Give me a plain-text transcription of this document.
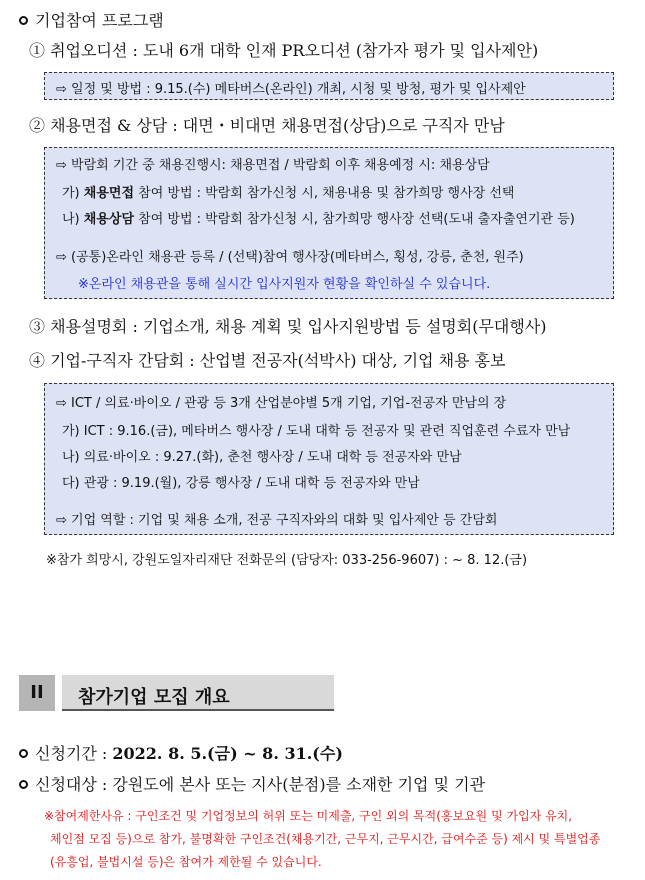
기업참여 프로그램
① 취업오디션 : 도내 6개 대학 인재 PR오디션 (참가자 평가 및 입사제안)
⇨ 일정 및 방법 : 9.15.(수) 메타버스(온라인) 개최, 시청 및 방청, 평가 및 입사제안
② 채용면접 & 상담 : 대면・비대면 채용면접(상담)으로 구직자 만남
⇨ 박람회 기간 중 채용진행시: 채용면접 / 박람회 이후 채용예정 시: 채용상담
가) 채용면접 참여 방법 : 박람회 참가신청 시, 채용내용 및 참가희망 행사장 선택
나) 채용상담 참여 방법 : 박람회 참가신청 시, 참가희망 행사장 선택(도내 출자출연기관 등)
⇨ (공통)온라인 채용관 등록 / (선택)참여 행사장(메타버스, 횡성, 강릉, 춘천, 원주)
※온라인 채용관을 통해 실시간 입사지원자 현황을 확인하실 수 있습니다.
③ 채용설명회 : 기업소개, 채용 계획 및 입사지원방법 등 설명회(무대행사)
④ 기업-구직자 간담회 : 산업별 전공자(석박사) 대상, 기업 채용 홍보
⇨ ICT / 의료·바이오 / 관광 등 3개 산업분야별 5개 기업, 기업-전공자 만남의 장
가) ICT : 9.16.(금), 메타버스 행사장 / 도내 대학 등 전공자 및 관련 직업훈련 수료자 만남
나) 의료·바이오 : 9.27.(화), 춘천 행사장 / 도내 대학 등 전공자와 만남
다) 관광 : 9.19.(월), 강릉 행사장 / 도내 대학 등 전공자와 만남
⇨ 기업 역할 : 기업 및 채용 소개, 전공 구직자와의 대화 및 입사제안 등 간담회
※참가 희망시, 강원도일자리재단 전화문의 (담당자: 033-256-9607) : ~ 8. 12.(금)
II	참가기업 모집 개요
신청기간 : 2022. 8. 5.(금) ~ 8. 31.(수)
신청대상 : 강원도에 본사 또는 지사(분점)를 소재한 기업 및 기관
※참여제한사유 : 구인조건 및 기업정보의 허위 또는 미제출, 구인 외의 목적(홍보요원 및 가입자 유치,
체인점 모집 등)으로 참가, 불명확한 구인조건(채용기간, 근무지, 근무시간, 급여수준 등) 제시 및 특별업종
(유흥업, 불법시설 등)은 참여가 제한될 수 있습니다.
